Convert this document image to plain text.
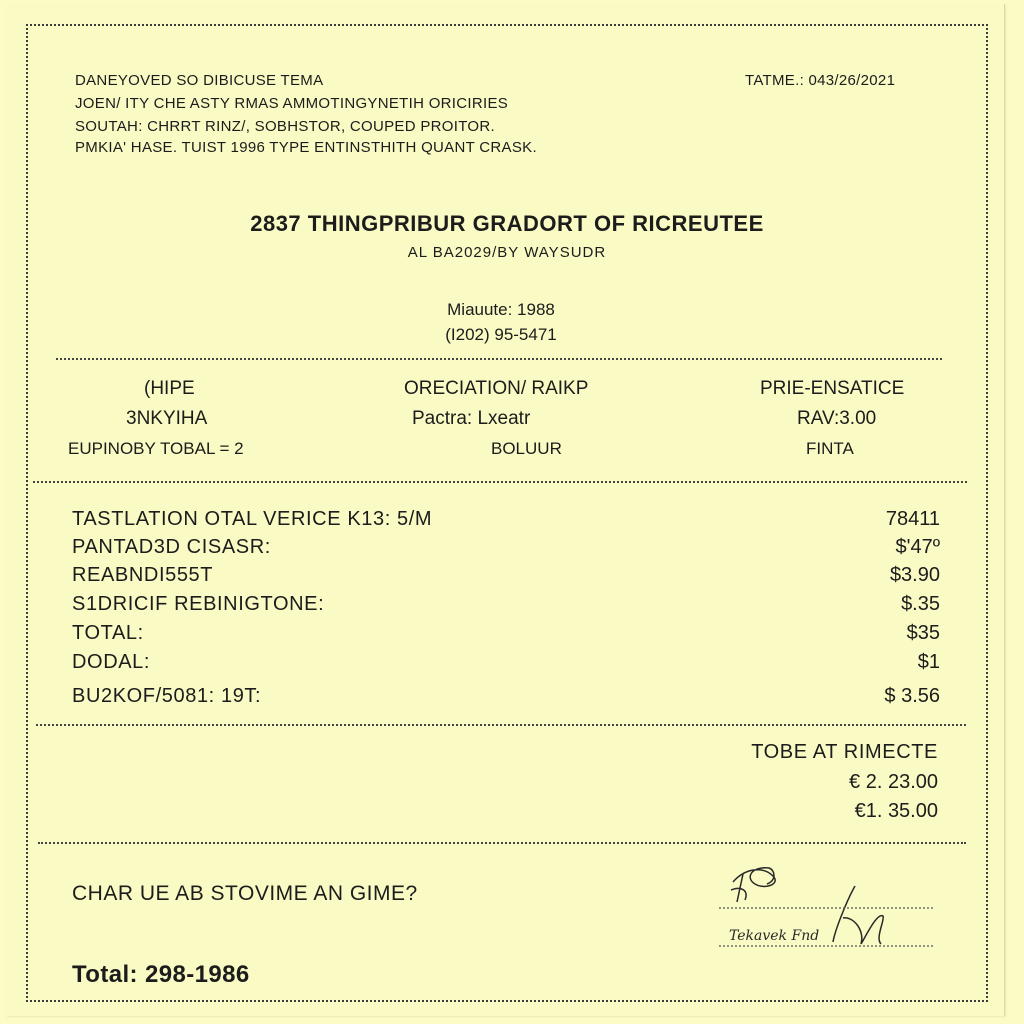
DANEYOVED SO DIBICUSE TEMA
JOEN/ ITY CHE ASTY RMAS AMMOTINGYNETIH ORICIRIES
SOUTAH: CHRRT RINZ/, SOBHSTOR, COUPED PROITOR.
PMKIA' HASE. TUIST 1996 TYPE ENTINSTHITH QUANT CRASK.
TATME.: 043/26/2021
2837 THINGPRIBUR GRADORT OF RICREUTEE
AL BA2029/BY WAYSUDR
Miauute: 1988
(I202) 95-5471
(HIPE	ORECIATION/ RAIKP	PRIE-ENSATICE
3NKYIHA	Pactra: Lxeatr	RAV:3.00
EUPINOBY TOBAL = 2	BOLUUR	FINTA
TASTLATION OTAL VERICE K13: 5/M	78411
PANTAD3D CISASR:	$'47º
REABNDI555T	$3.90
S1DRICIF REBINIGTONE:	$.35
TOTAL:	$35
DODAL:	$1
BU2KOF/5081: 19T:	$ 3.56
TOBE AT RIMECTE
€ 2. 23.00
€1. 35.00
CHAR UE AB STOVIME AN GIME?
Total: 298-1986
Tekavek Fnd
